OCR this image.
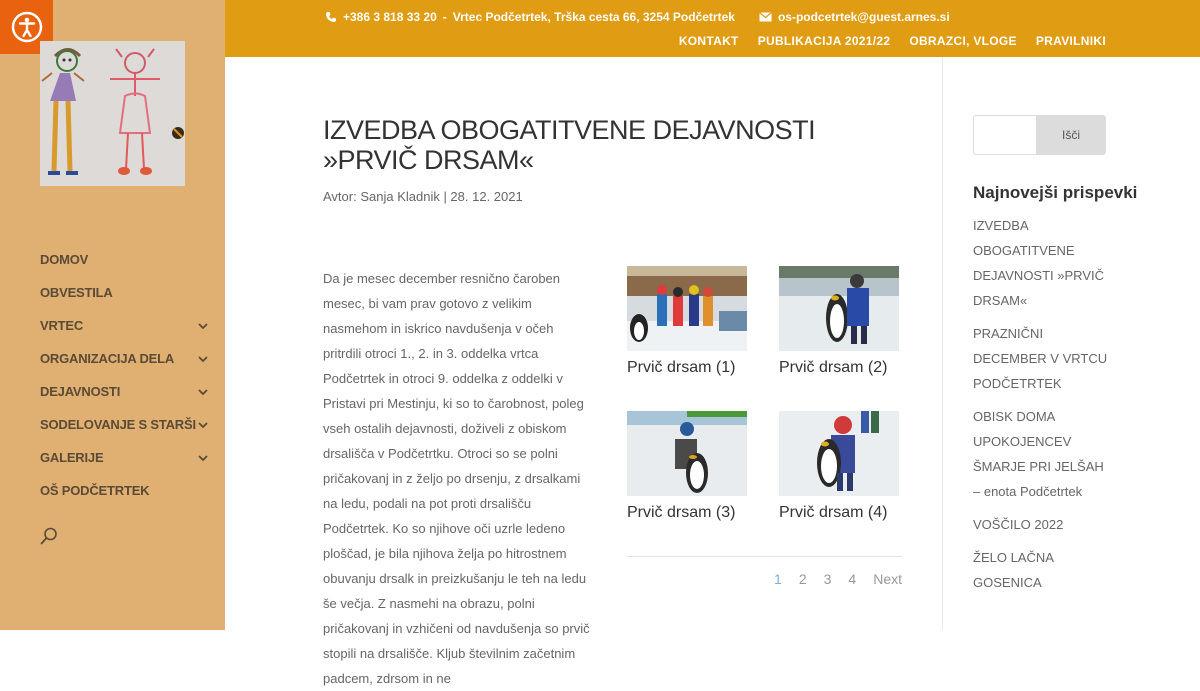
DOMOV
OBVESTILA
VRTEC
ORGANIZACIJA DELA
DEJAVNOSTI
SODELOVANJE S STARŠI
GALERIJE
OŠ PODČETRTEK
+386 3 818 33 20 - Vrtec Podčetrtek, Trška cesta 66, 3254 Podčetrtek	os-podcetrtek@guest.arnes.si
KONTAKT PUBLIKACIJA 2021/22 OBRAZCI, VLOGE PRAVILNIKI
IZVEDBA OBOGATITVENE DEJAVNOSTI »PRVIČ DRSAM«
Avtor: Sanja Kladnik | 28. 12. 2021
Da je mesec december resnično čaroben mesec, bi vam prav gotovo z velikim nasmehom in iskrico navdušenja v očeh pritrdili otroci 1., 2. in 3. oddelka vrtca Podčetrtek in otroci 9. oddelka z oddelki v Pristavi pri Mestinju, ki so to čarobnost, poleg vseh ostalih dejavnosti, doživeli z obiskom drsališča v Podčetrtku. Otroci so se polni pričakovanj in z željo po drsenju, z drsalkami na ledu, podali na pot proti drsališču Podčetrtek. Ko so njihove oči uzrle ledeno ploščad, je bila njihova želja po hitrostnem obuvanju drsalk in preizkušanju le teh na ledu še večja. Z nasmehi na obrazu, polni pričakovanj in vzhičeni od navdušenja so prvič stopili na drsališče. Kljub številnim začetnim padcem, zdrsom in ne
Prvič drsam (1)	Prvič drsam (2)
Prvič drsam (3)	Prvič drsam (4)
1 2 3 4 Next
Išči
Najnovejši prispevki
IZVEDBA OBOGATITVENE DEJAVNOSTI »PRVIČ DRSAM«
PRAZNIČNI DECEMBER V VRTCU PODČETRTEK
OBISK DOMA UPOKOJENCEV ŠMARJE PRI JELŠAH – enota Podčetrtek
VOŠČILO 2022
ŽELO LAČNA GOSENICA
